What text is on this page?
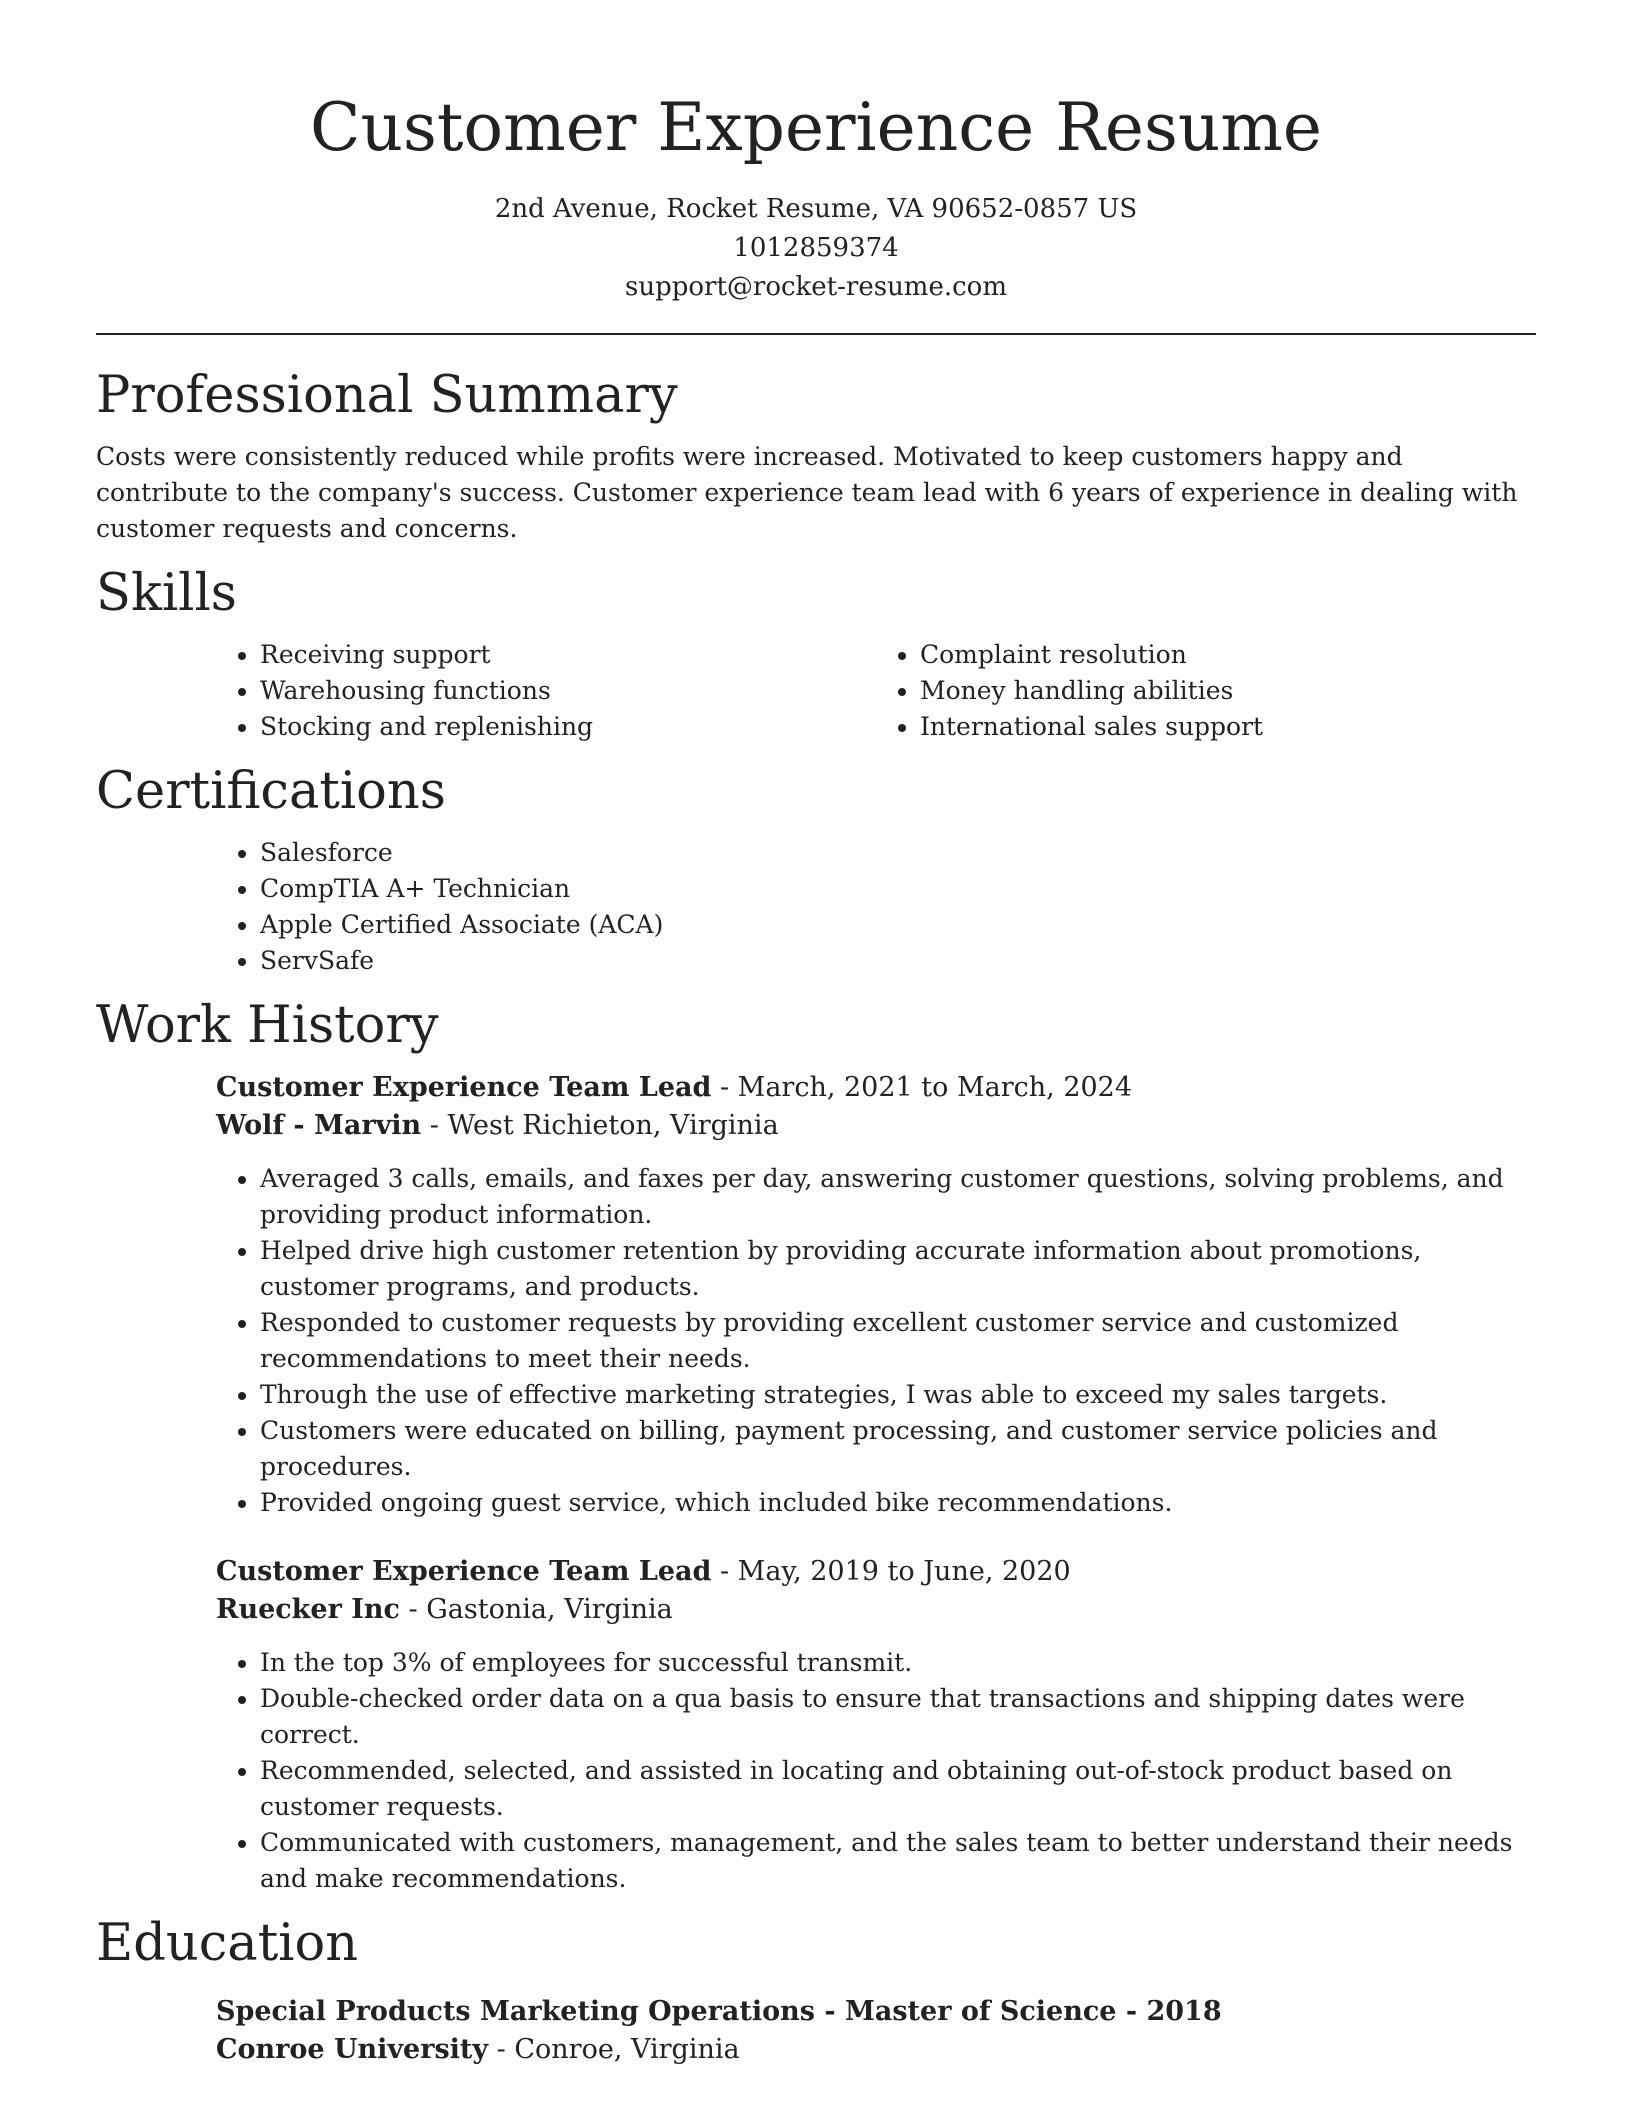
Customer Experience Resume
2nd Avenue, Rocket Resume, VA 90652-0857 US
1012859374
support@rocket-resume.com
Professional Summary

Costs were consistently reduced while profits were increased. Motivated to keep customers happy and contribute to the company's success. Customer experience team lead with 6 years of experience in dealing with customer requests and concerns.

Skills
• Receiving support
• Warehousing functions
• Stocking and replenishing
• Complaint resolution
• Money handling abilities
• International sales support
Certifications
• Salesforce
• CompTIA A+ Technician
• Apple Certified Associate (ACA)
• ServSafe
Work History
Customer Experience Team Lead - March, 2021 to March, 2024
Wolf - Marvin - West Richieton, Virginia
• Averaged 3 calls, emails, and faxes per day, answering customer questions, solving problems, and providing product information.
• Helped drive high customer retention by providing accurate information about promotions, customer programs, and products.
• Responded to customer requests by providing excellent customer service and customized recommendations to meet their needs.
• Through the use of effective marketing strategies, I was able to exceed my sales targets.
• Customers were educated on billing, payment processing, and customer service policies and procedures.
• Provided ongoing guest service, which included bike recommendations.
Customer Experience Team Lead - May, 2019 to June, 2020
Ruecker Inc - Gastonia, Virginia
• In the top 3% of employees for successful transmit.
• Double-checked order data on a qua basis to ensure that transactions and shipping dates were correct.
• Recommended, selected, and assisted in locating and obtaining out-of-stock product based on customer requests.
• Communicated with customers, management, and the sales team to better understand their needs and make recommendations.
Education
Special Products Marketing Operations - Master of Science - 2018
Conroe University - Conroe, Virginia
